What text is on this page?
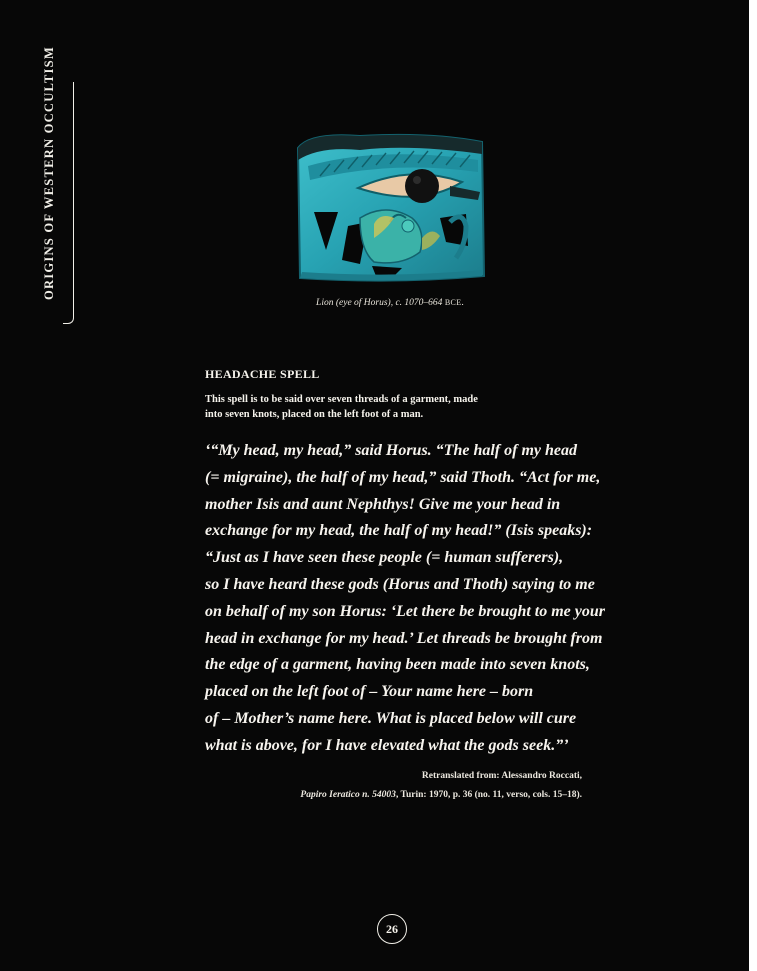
ORIGINS OF WESTERN OCCULTISM
Lion (eye of Horus), c. 1070–664 BCE.
HEADACHE SPELL
This spell is to be said over seven threads of a garment, made
into seven knots, placed on the left foot of a man.
‘“My head, my head,” said Horus. “The half of my head
(= migraine), the half of my head,” said Thoth. “Act for me,
mother Isis and aunt Nephthys! Give me your head in
exchange for my head, the half of my head!” (Isis speaks):
“Just as I have seen these people (= human sufferers),
so I have heard these gods (Horus and Thoth) saying to me
on behalf of my son Horus: ‘Let there be brought to me your
head in exchange for my head.’ Let threads be brought from
the edge of a garment, having been made into seven knots,
placed on the left foot of – Your name here – born
of – Mother’s name here. What is placed below will cure
what is above, for I have elevated what the gods seek.”’
Retranslated from: Alessandro Roccati,
Papiro Ieratico n. 54003, Turin: 1970, p. 36 (no. 11, verso, cols. 15–18).
26
